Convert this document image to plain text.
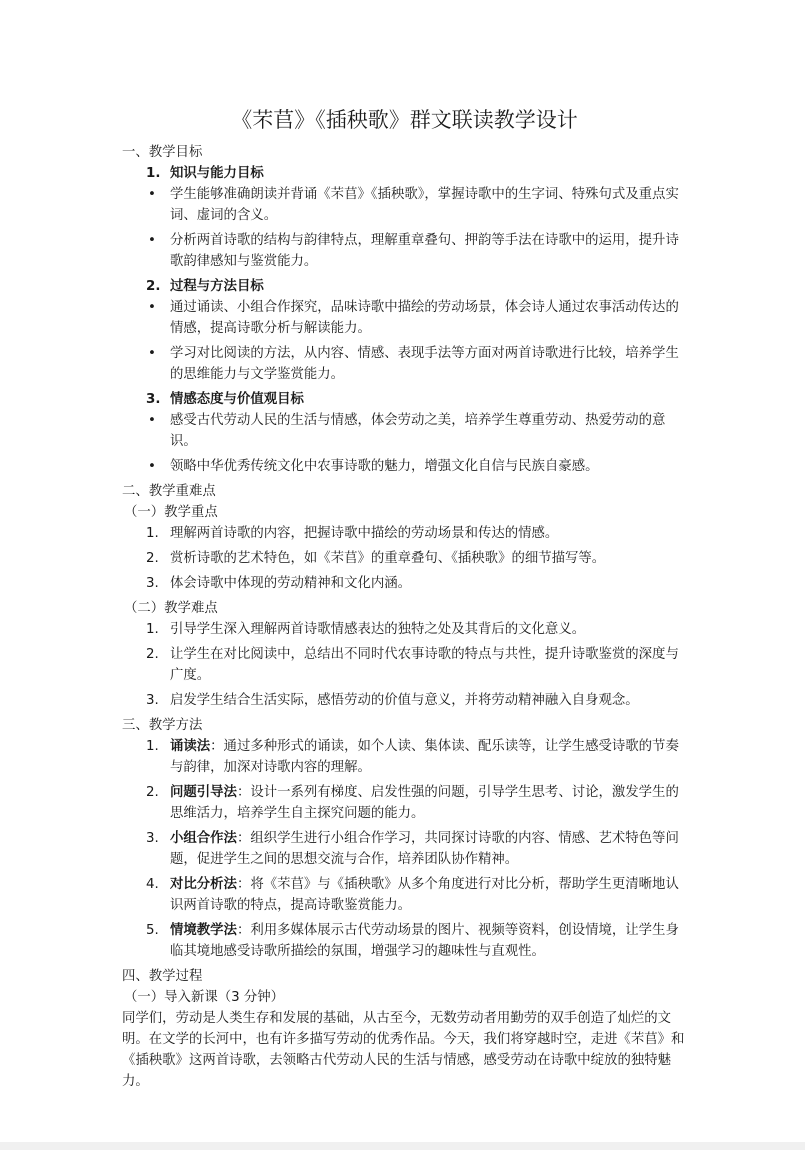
《芣苢》《插秧歌》群文联读教学设计
一、教学目标
1. 知识与能力目标
• 学生能够准确朗读并背诵《芣苢》《插秧歌》，掌握诗歌中的生字词、特殊句式及重点实词、虚词的含义。
• 分析两首诗歌的结构与韵律特点，理解重章叠句、押韵等手法在诗歌中的运用，提升诗歌韵律感知与鉴赏能力。
2. 过程与方法目标
• 通过诵读、小组合作探究，品味诗歌中描绘的劳动场景，体会诗人通过农事活动传达的情感，提高诗歌分析与解读能力。
• 学习对比阅读的方法，从内容、情感、表现手法等方面对两首诗歌进行比较，培养学生的思维能力与文学鉴赏能力。
3. 情感态度与价值观目标
• 感受古代劳动人民的生活与情感，体会劳动之美，培养学生尊重劳动、热爱劳动的意识。
• 领略中华优秀传统文化中农事诗歌的魅力，增强文化自信与民族自豪感。
二、教学重难点
（一）教学重点
1. 理解两首诗歌的内容，把握诗歌中描绘的劳动场景和传达的情感。
2. 赏析诗歌的艺术特色，如《芣苢》的重章叠句、《插秧歌》的细节描写等。
3. 体会诗歌中体现的劳动精神和文化内涵。
（二）教学难点
1. 引导学生深入理解两首诗歌情感表达的独特之处及其背后的文化意义。
2. 让学生在对比阅读中，总结出不同时代农事诗歌的特点与共性，提升诗歌鉴赏的深度与广度。
3. 启发学生结合生活实际，感悟劳动的价值与意义，并将劳动精神融入自身观念。
三、教学方法
1. 诵读法：通过多种形式的诵读，如个人读、集体读、配乐读等，让学生感受诗歌的节奏与韵律，加深对诗歌内容的理解。
2. 问题引导法：设计一系列有梯度、启发性强的问题，引导学生思考、讨论，激发学生的思维活力，培养学生自主探究问题的能力。
3. 小组合作法：组织学生进行小组合作学习，共同探讨诗歌的内容、情感、艺术特色等问题，促进学生之间的思想交流与合作，培养团队协作精神。
4. 对比分析法：将《芣苢》与《插秧歌》从多个角度进行对比分析，帮助学生更清晰地认识两首诗歌的特点，提高诗歌鉴赏能力。
5. 情境教学法：利用多媒体展示古代劳动场景的图片、视频等资料，创设情境，让学生身临其境地感受诗歌所描绘的氛围，增强学习的趣味性与直观性。
四、教学过程
（一）导入新课（3 分钟）
同学们，劳动是人类生存和发展的基础，从古至今，无数劳动者用勤劳的双手创造了灿烂的文明。在文学的长河中，也有许多描写劳动的优秀作品。今天，我们将穿越时空，走进《芣苢》和《插秧歌》这两首诗歌，去领略古代劳动人民的生活与情感，感受劳动在诗歌中绽放的独特魅力。
